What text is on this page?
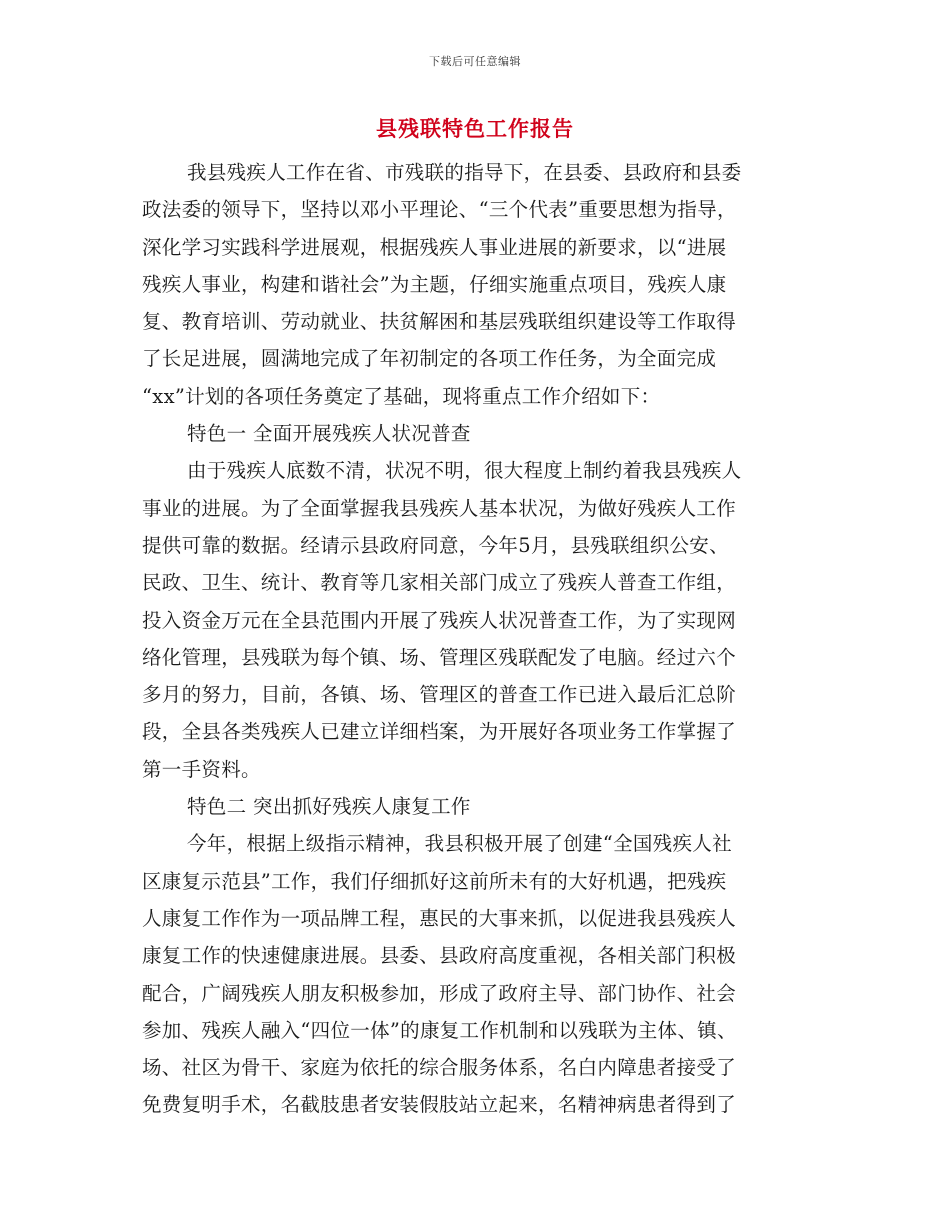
下载后可任意编辑
县残联特色工作报告
我县残疾人工作在省、市残联的指导下，在县委、县政府和县委
政法委的领导下，坚持以邓小平理论、“三个代表”重要思想为指导，
深化学习实践科学进展观，根据残疾人事业进展的新要求，以“进展
残疾人事业，构建和谐社会”为主题，仔细实施重点项目，残疾人康
复、教育培训、劳动就业、扶贫解困和基层残联组织建设等工作取得
了长足进展，圆满地完成了年初制定的各项工作任务，为全面完成
“xx”计划的各项任务奠定了基础，现将重点工作介绍如下：
特色一 全面开展残疾人状况普查
由于残疾人底数不清，状况不明，很大程度上制约着我县残疾人
事业的进展。为了全面掌握我县残疾人基本状况，为做好残疾人工作
提供可靠的数据。经请示县政府同意，今年5月，县残联组织公安、
民政、卫生、统计、教育等几家相关部门成立了残疾人普查工作组，
投入资金万元在全县范围内开展了残疾人状况普查工作，为了实现网
络化管理，县残联为每个镇、场、管理区残联配发了电脑。经过六个
多月的努力，目前，各镇、场、管理区的普查工作已进入最后汇总阶
段，全县各类残疾人已建立详细档案，为开展好各项业务工作掌握了
第一手资料。
特色二 突出抓好残疾人康复工作
今年，根据上级指示精神，我县积极开展了创建“全国残疾人社
区康复示范县”工作，我们仔细抓好这前所未有的大好机遇，把残疾
人康复工作作为一项品牌工程，惠民的大事来抓，以促进我县残疾人
康复工作的快速健康进展。县委、县政府高度重视，各相关部门积极
配合，广阔残疾人朋友积极参加，形成了政府主导、部门协作、社会
参加、残疾人融入“四位一体”的康复工作机制和以残联为主体、镇、
场、社区为骨干、家庭为依托的综合服务体系，名白内障患者接受了
免费复明手术，名截肢患者安装假肢站立起来，名精神病患者得到了
